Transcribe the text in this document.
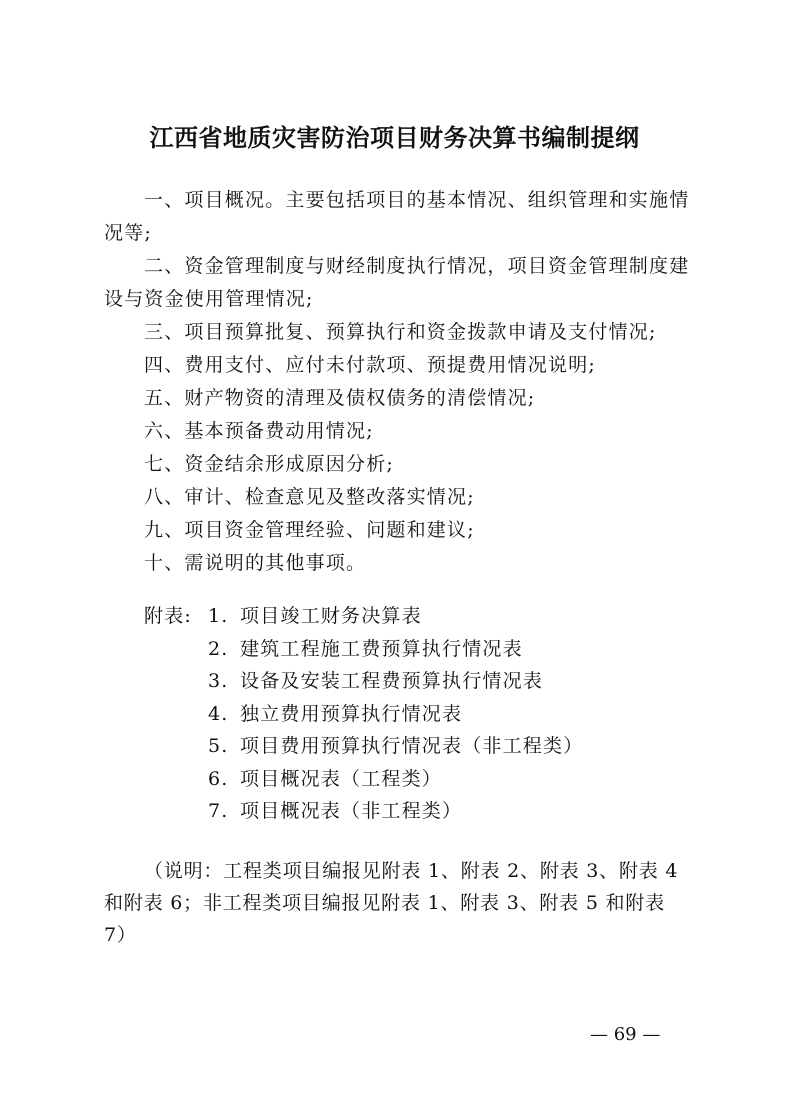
江西省地质灾害防治项目财务决算书编制提纲

一、项目概况。主要包括项目的基本情况、组织管理和实施情况等;

二、资金管理制度与财经制度执行情况，项目资金管理制度建设与资金使用管理情况;

三、项目预算批复、预算执行和资金拨款申请及支付情况;

四、费用支付、应付未付款项、预提费用情况说明;

五、财产物资的清理及债权债务的清偿情况;

六、基本预备费动用情况;

七、资金结余形成原因分析;

八、审计、检查意见及整改落实情况;

九、项目资金管理经验、问题和建议;

十、需说明的其他事项。

附表: 1. 项目竣工财务决算表
2. 建筑工程施工费预算执行情况表
3. 设备及安装工程费预算执行情况表
4. 独立费用预算执行情况表
5. 项目费用预算执行情况表（非工程类）
6. 项目概况表（工程类）
7. 项目概况表（非工程类）

（说明：工程类项目编报见附表 1、附表 2、附表 3、附表 4 和附表 6；非工程类项目编报见附表 1、附表 3、附表 5 和附表 7）

— 69 —
